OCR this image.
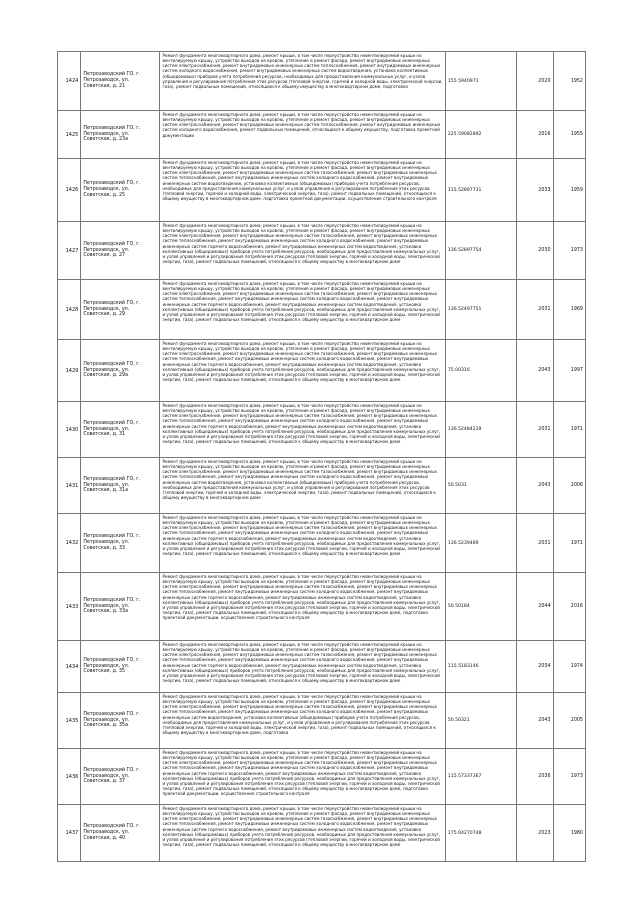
1424	Петрозаводский ГО, г. Петрозаводск, ул. Советская, д. 21	Ремонт фундамента многоквартирного дома, ремонт крыши, в том числе переустройство невентилируемой крыши на вентилируемую крышу, устройство выходов на кровлю, утепление и ремонт фасада, ремонт внутридомовых инженерных систем электроснабжения, ремонт внутридомовых инженерных систем теплоснабжения, ремонт внутридомовых инженерных систем холодного водоснабжения, ремонт внутридомовых инженерных систем водоотведения, установка коллективных (общедомовых) приборов учета потребления ресурсов, необходимых для предоставления коммунальных услуг, и узлов управления и регулирования потребления этих ресурсов (тепловой энергии, горячей и холодной воды, электрической энергии, газа), ремонт подвальных помещений, относящихся к общему имуществу в многоквартирном доме, подготовка	155.5940971	2020	1952
1425	Петрозаводский ГО, г. Петрозаводск, ул. Советская, д. 23а	Ремонт фундамента многоквартирного дома, ремонт крыши, в том числе переустройство невентилируемой крыши на вентилируемую крышу, устройство выходов на кровлю, утепление и ремонт фасада, ремонт внутридомовых инженерных систем электроснабжения, ремонт внутридомовых инженерных систем теплоснабжения, ремонт внутридомовых инженерных систем холодного водоснабжения, ремонт подвальных помещений, относящихся к общему имуществу, подготовка проектной документации	225.59082892	2016	1955
1426	Петрозаводский ГО, г. Петрозаводск, ул. Советская, д. 25	Ремонт фундамента многоквартирного дома, ремонт крыши, в том числе переустройство невентилируемой крыши на вентилируемую крышу, устройство выходов на кровлю, утепление и ремонт фасада, ремонт внутридомовых инженерных систем электроснабжения, ремонт внутридомовых инженерных систем газоснабжения, ремонт внутридомовых инженерных систем теплоснабжения, ремонт внутридомовых инженерных систем холодного водоснабжения, ремонт внутридомовых инженерных систем водоотведения, установка коллективных (общедомовых) приборов учета потребления ресурсов, необходимых для предоставления коммунальных услуг, и узлов управления и регулирования потребления этих ресурсов (тепловой энергии, горячей и холодной воды, электрической энергии, газа), ремонт подвальных помещений, относящихся к общему имуществу в многоквартирном доме, подготовка проектной документации, осуществление строительного контроля	115.52897731	2033	1959
1427	Петрозаводский ГО, г. Петрозаводск, ул. Советская, д. 27	Ремонт фундамента многоквартирного дома, ремонт крыши, в том числе переустройство невентилируемой крыши на вентилируемую крышу, устройство выходов на кровлю, утепление и ремонт фасада, ремонт внутридомовых инженерных систем электроснабжения, ремонт внутридомовых инженерных систем газоснабжения, ремонт внутридомовых инженерных систем теплоснабжения, ремонт внутридомовых инженерных систем холодного водоснабжения, ремонт внутридомовых инженерных систем горячего водоснабжения, ремонт внутридомовых инженерных систем водоотведения, установка коллективных (общедомовых) приборов учета потребления ресурсов, необходимых для предоставления коммунальных услуг, и узлов управления и регулирования потребления этих ресурсов (тепловой энергии, горячей и холодной воды, электрической энергии, газа), ремонт подвальных помещений, относящихся к общему имуществу в многоквартирном доме	136.52897754	2030	1973
1428	Петрозаводский ГО, г. Петрозаводск, ул. Советская, д. 29	Ремонт фундамента многоквартирного дома, ремонт крыши, в том числе переустройство невентилируемой крыши на вентилируемую крышу, устройство выходов на кровлю, утепление и ремонт фасада, ремонт внутридомовых инженерных систем электроснабжения, ремонт внутридомовых инженерных систем газоснабжения, ремонт внутридомовых инженерных систем теплоснабжения, ремонт внутридомовых инженерных систем холодного водоснабжения, ремонт внутридомовых инженерных систем горячего водоснабжения, ремонт внутридомовых инженерных систем водоотведения, установка коллективных (общедомовых) приборов учета потребления ресурсов, необходимых для предоставления коммунальных услуг, и узлов управления и регулирования потребления этих ресурсов (тепловой энергии, горячей и холодной воды, электрической энергии, газа), ремонт подвальных помещений, относящихся к общему имуществу в многоквартирном доме	136.52497751	2031	1969
1429	Петрозаводский ГО, г. Петрозаводск, ул. Советская, д. 29а	Ремонт фундамента многоквартирного дома, ремонт крыши, в том числе переустройство невентилируемой крыши на вентилируемую крышу, устройство выходов на кровлю, утепление и ремонт фасада, ремонт внутридомовых инженерных систем электроснабжения, ремонт внутридомовых инженерных систем газоснабжения, ремонт внутридомовых инженерных систем теплоснабжения, ремонт внутридомовых инженерных систем холодного водоснабжения, ремонт внутридомовых инженерных систем горячего водоснабжения, ремонт внутридомовых инженерных систем водоотведения, установка коллективных (общедомовых) приборов учета потребления ресурсов, необходимых для предоставления коммунальных услуг, и узлов управления и регулирования потребления этих ресурсов (тепловой энергии, горячей и холодной воды, электрической энергии, газа), ремонт подвальных помещений, относящихся к общему имуществу в многоквартирном доме	75.00316	2043	1997
1430	Петрозаводский ГО, г. Петрозаводск, ул. Советская, д. 31	Ремонт фундамента многоквартирного дома, ремонт крыши, в том числе переустройство невентилируемой крыши на вентилируемую крышу, устройство выходов на кровлю, утепление и ремонт фасада, ремонт внутридомовых инженерных систем электроснабжения, ремонт внутридомовых инженерных систем газоснабжения, ремонт внутридомовых инженерных систем теплоснабжения, ремонт внутридомовых инженерных систем холодного водоснабжения, ремонт внутридомовых инженерных систем горячего водоснабжения, ремонт внутридомовых инженерных систем водоотведения, установка коллективных (общедомовых) приборов учета потребления ресурсов, необходимых для предоставления коммунальных услуг, и узлов управления и регулирования потребления этих ресурсов (тепловой энергии, горячей и холодной воды, электрической энергии, газа), ремонт подвальных помещений, относящихся к общему имуществу в многоквартирном доме	136.52484219	2031	1971
1431	Петрозаводский ГО, г. Петрозаводск, ул. Советская, д. 31а	Ремонт фундамента многоквартирного дома, ремонт крыши, в том числе переустройство невентилируемой крыши на вентилируемую крышу, устройство выходов на кровлю, утепление и ремонт фасада, ремонт внутридомовых инженерных систем электроснабжения, ремонт внутридомовых инженерных систем газоснабжения, ремонт внутридомовых инженерных систем теплоснабжения, ремонт внутридомовых инженерных систем холодного водоснабжения, ремонт внутридомовых инженерных систем водоотведения, установка коллективных (общедомовых) приборов учета потребления ресурсов, необходимых для предоставления коммунальных услуг, и узлов управления и регулирования потребления этих ресурсов (тепловой энергии, горячей и холодной воды, электрической энергии, газа), ремонт подвальных помещений, относящихся к общему имуществу в многоквартирном доме	50.5031	2043	2006
1432	Петрозаводский ГО, г. Петрозаводск, ул. Советская, д. 33	Ремонт фундамента многоквартирного дома, ремонт крыши, в том числе переустройство невентилируемой крыши на вентилируемую крышу, устройство выходов на кровлю, утепление и ремонт фасада, ремонт внутридомовых инженерных систем электроснабжения, ремонт внутридомовых инженерных систем газоснабжения, ремонт внутридомовых инженерных систем теплоснабжения, ремонт внутридомовых инженерных систем холодного водоснабжения, ремонт внутридомовых инженерных систем горячего водоснабжения, ремонт внутридомовых инженерных систем водоотведения, установка коллективных (общедомовых) приборов учета потребления ресурсов, необходимых для предоставления коммунальных услуг, и узлов управления и регулирования потребления этих ресурсов (тепловой энергии, горячей и холодной воды, электрической энергии, газа), ремонт подвальных помещений, относящихся к общему имуществу в многоквартирном доме	136.5239489	2031	1971
1433	Петрозаводский ГО, г. Петрозаводск, ул. Советская, д. 33а	Ремонт фундамента многоквартирного дома, ремонт крыши, в том числе переустройство невентилируемой крыши на вентилируемую крышу, устройство выходов на кровлю, утепление и ремонт фасада, ремонт внутридомовых инженерных систем электроснабжения, ремонт внутридомовых инженерных систем газоснабжения, ремонт внутридомовых инженерных систем теплоснабжения, ремонт внутридомовых инженерных систем холодного водоснабжения, ремонт внутридомовых инженерных систем горячего водоснабжения, ремонт внутридомовых инженерных систем водоотведения, установка коллективных (общедомовых) приборов учета потребления ресурсов, необходимых для предоставления коммунальных услуг, и узлов управления и регулирования потребления этих ресурсов (тепловой энергии, горячей и холодной воды, электрической энергии, газа), ремонт подвальных помещений, относящихся к общему имуществу в многоквартирном доме, подготовка проектной документации, осуществление строительного контроля	50.50184	2044	2016
1434	Петрозаводский ГО, г. Петрозаводск, ул. Советская, д. 35	Ремонт фундамента многоквартирного дома, ремонт крыши, в том числе переустройство невентилируемой крыши на вентилируемую крышу, устройство выходов на кровлю, утепление и ремонт фасада, ремонт внутридомовых инженерных систем электроснабжения, ремонт внутридомовых инженерных систем газоснабжения, ремонт внутридомовых инженерных систем теплоснабжения, ремонт внутридомовых инженерных систем холодного водоснабжения, ремонт внутридомовых инженерных систем горячего водоснабжения, ремонт внутридомовых инженерных систем водоотведения, установка коллективных (общедомовых) приборов учета потребления ресурсов, необходимых для предоставления коммунальных услуг, и узлов управления и регулирования потребления этих ресурсов (тепловой энергии, горячей и холодной воды, электрической энергии, газа), ремонт подвальных помещений, относящихся к общему имуществу в многоквартирном доме	115.5183146	2034	1974
1435	Петрозаводский ГО, г. Петрозаводск, ул. Советская, д. 35а	Ремонт фундамента многоквартирного дома, ремонт крыши, в том числе переустройство невентилируемой крыши на вентилируемую крышу, устройство выходов на кровлю, утепление и ремонт фасада, ремонт внутридомовых инженерных систем электроснабжения, ремонт внутридомовых инженерных систем газоснабжения, ремонт внутридомовых инженерных систем теплоснабжения, ремонт внутридомовых инженерных систем холодного водоснабжения, ремонт внутридомовых инженерных систем водоотведения, установка коллективных (общедомовых) приборов учета потребления ресурсов, необходимых для предоставления коммунальных услуг, и узлов управления и регулирования потребления этих ресурсов (тепловой энергии, горячей и холодной воды, электрической энергии, газа), ремонт подвальных помещений, относящихся к общему имуществу в многоквартирном доме, подготовка	50.50321	2043	2005
1436	Петрозаводский ГО, г. Петрозаводск, ул. Советская, д. 37	Ремонт фундамента многоквартирного дома, ремонт крыши, в том числе переустройство невентилируемой крыши на вентилируемую крышу, устройство выходов на кровлю, утепление и ремонт фасада, ремонт внутридомовых инженерных систем электроснабжения, ремонт внутридомовых инженерных систем газоснабжения, ремонт внутридомовых инженерных систем теплоснабжения, ремонт внутридомовых инженерных систем холодного водоснабжения, ремонт внутридомовых инженерных систем горячего водоснабжения, ремонт внутридомовых инженерных систем водоотведения, установка коллективных (общедомовых) приборов учета потребления ресурсов, необходимых для предоставления коммунальных услуг, и узлов управления и регулирования потребления этих ресурсов (тепловой энергии, горячей и холодной воды, электрической энергии, газа), ремонт подвальных помещений, относящихся к общему имуществу в многоквартирном доме, подготовка проектной документации, осуществление строительного контроля	115.57337367	2036	1973
1437	Петрозаводский ГО, г. Петрозаводск, ул. Советская, д. 40	Ремонт фундамента многоквартирного дома, ремонт крыши, в том числе переустройство невентилируемой крыши на вентилируемую крышу, устройство выходов на кровлю, утепление и ремонт фасада, ремонт внутридомовых инженерных систем электроснабжения, ремонт внутридомовых инженерных систем газоснабжения, ремонт внутридомовых инженерных систем теплоснабжения, ремонт внутридомовых инженерных систем холодного водоснабжения, ремонт внутридомовых инженерных систем горячего водоснабжения, ремонт внутридомовых инженерных систем водоотведения, установка коллективных (общедомовых) приборов учета потребления ресурсов, необходимых для предоставления коммунальных услуг, и узлов управления и регулирования потребления этих ресурсов (тепловой энергии, горячей и холодной воды, электрической энергии, газа), ремонт подвальных помещений, относящихся к общему имуществу в многоквартирном доме	175.04270748	2023	1980
